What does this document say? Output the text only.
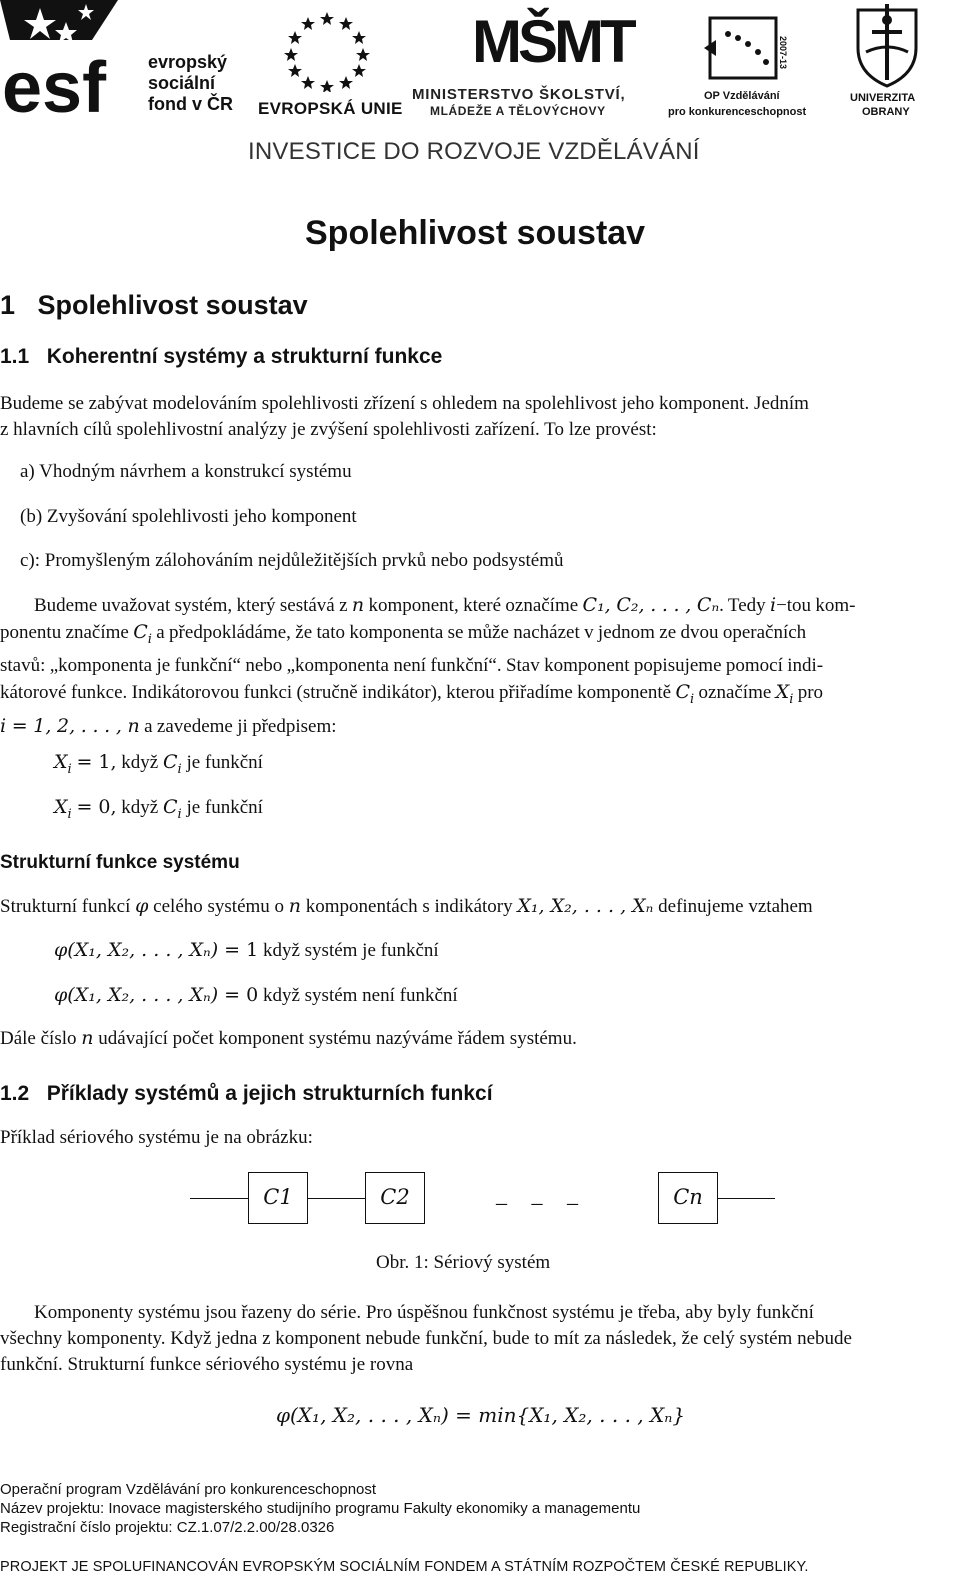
esf evropský
sociální
fond v ČR EVROPSKÁ UNIE
MŠMT
MINISTERSTVO ŠKOLSTVÍ,
MLÁDEŽE A TĚLOVÝCHOVY
2007-13
OP Vzdělávání
pro konkurenceschopnost
UNIVERZITA
OBRANY
INVESTICE DO ROZVOJE VZDĚLÁVÁNÍ
Spolehlivost soustav
1 Spolehlivost soustav
1.1 Koherentní systémy a strukturní funkce
Budeme se zabývat modelováním spolehlivosti zřízení s ohledem na spolehlivost jeho komponent. Jedním
z hlavních cílů spolehlivostní analýzy je zvýšení spolehlivosti zařízení. To lze provést:
a) Vhodným návrhem a konstrukcí systému
(b) Zvyšování spolehlivosti jeho komponent
c): Promyšleným zálohováním nejdůležitějších prvků nebo podsystémů
Budeme uvažovat systém, který sestává z n komponent, které označíme C₁, C₂, . . . , Cₙ. Tedy i−tou kom-
ponentu značíme $C_i$ a předpokládáme, že tato komponenta se může nacházet v jednom ze dvou operačních
stavů: „komponenta je funkční“ nebo „komponenta není funkční“. Stav komponent popisujeme pomocí indi-
kátorové funkce. Indikátorovou funkci (stručně indikátor), kterou přiřadíme komponentě $C_i$ označíme $X_i$ pro
i = 1, 2, . . . , n a zavedeme ji předpisem:
$X_i = 1$, když $C_i$ je funkční
$X_i = 0$, když $C_i$ je funkční
Strukturní funkce systému
Strukturní funkcí φ celého systému o n komponentách s indikátory X₁, X₂, . . . , Xₙ definujeme vztahem
φ(X₁, X₂, . . . , Xₙ) = 1 když systém je funkční
φ(X₁, X₂, . . . , Xₙ) = 0 když systém není funkční
Dále číslo n udávající počet komponent systému nazýváme řádem systému.
1.2 Příklady systémů a jejich strukturních funkcí
Příklad sériového systému je na obrázku:
C1	C2	_   _   _	Cn
Obr. 1: Sériový systém
Komponenty systému jsou řazeny do série. Pro úspěšnou funkčnost systému je třeba, aby byly funkční
všechny komponenty. Když jedna z komponent nebude funkční, bude to mít za následek, že celý systém nebude
funkční. Strukturní funkce sériového systému je rovna
φ(X₁, X₂, . . . , Xₙ) = min{X₁, X₂, . . . , Xₙ}
Operační program Vzdělávání pro konkurenceschopnost
Název projektu: Inovace magisterského studijního programu Fakulty ekonomiky a managementu
Registrační číslo projektu: CZ.1.07/2.2.00/28.0326
PROJEKT JE SPOLUFINANCOVÁN EVROPSKÝM SOCIÁLNÍM FONDEM A STÁTNÍM ROZPOČTEM ČESKÉ REPUBLIKY.
